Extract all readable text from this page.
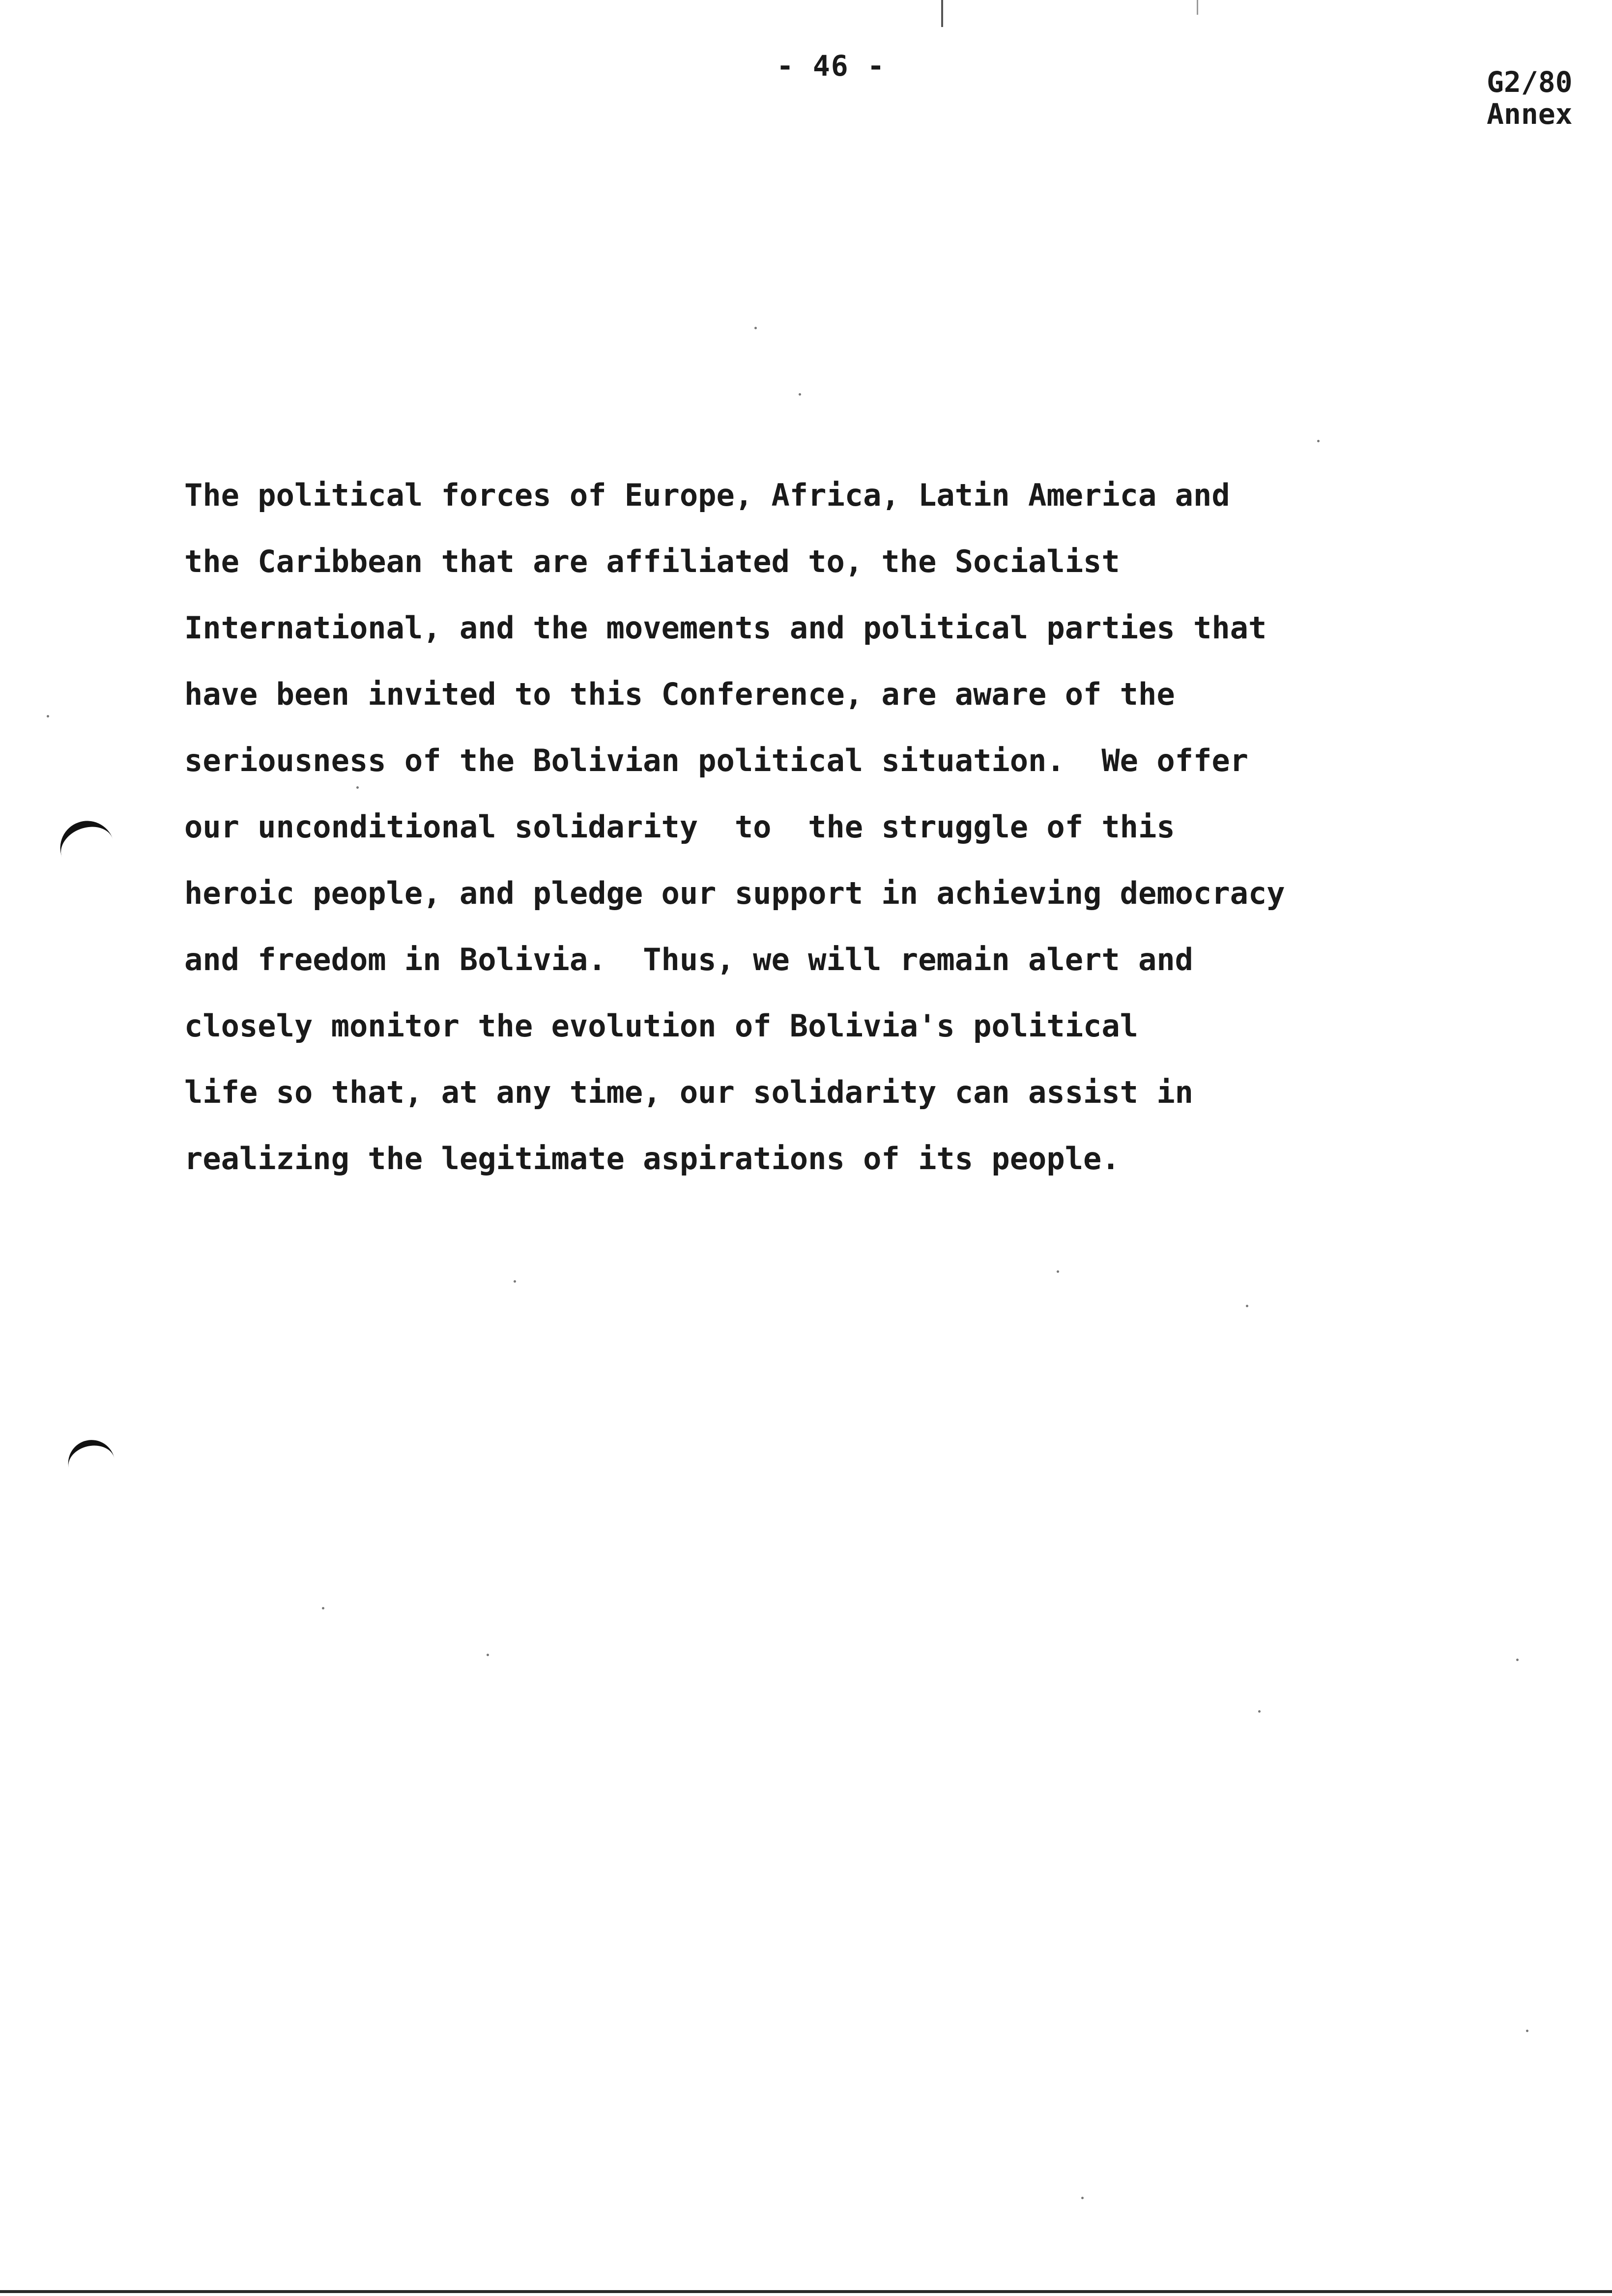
- 46 -	G2/80
Annex
The political forces of Europe, Africa, Latin America and
the Caribbean that are affiliated to, the Socialist
International, and the movements and political parties that
have been invited to this Conference, are aware of the
seriousness of the Bolivian political situation.  We offer
our unconditional solidarity  to  the struggle of this
heroic people, and pledge our support in achieving democracy
and freedom in Bolivia.  Thus, we will remain alert and
closely monitor the evolution of Bolivia's political
life so that, at any time, our solidarity can assist in
realizing the legitimate aspirations of its people.
